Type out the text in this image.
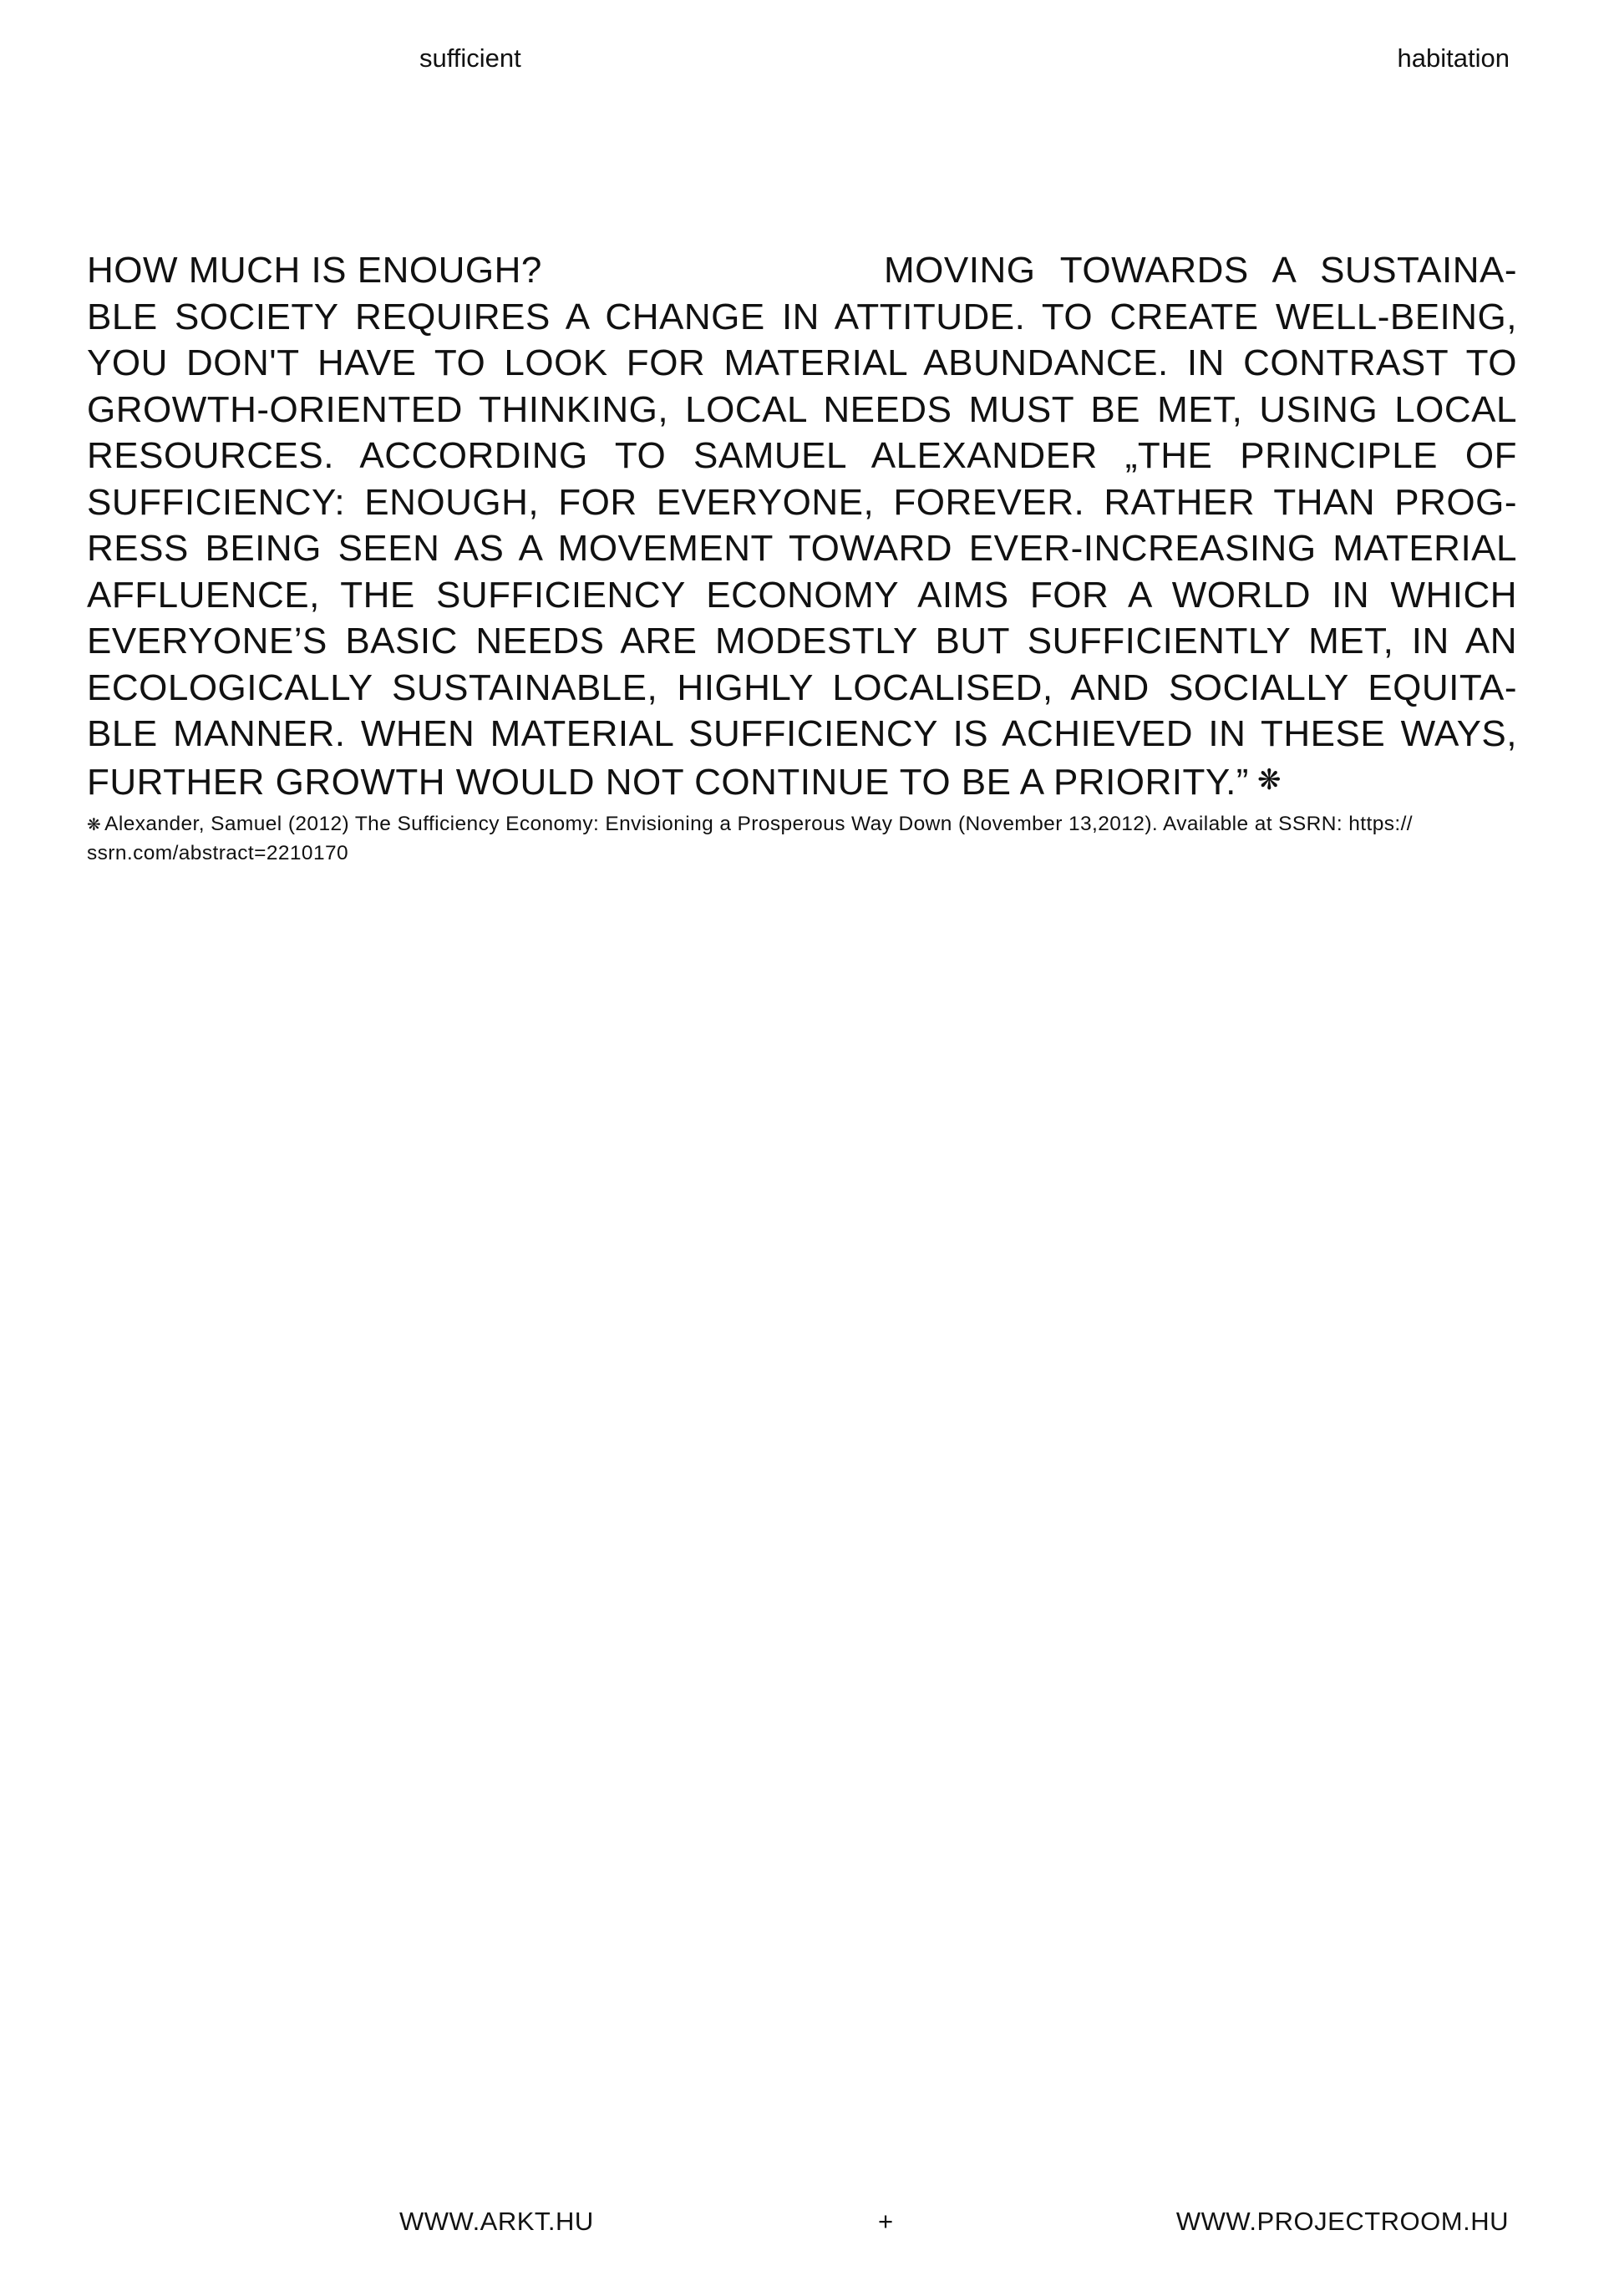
sufficient	habitation
HOW MUCH IS ENOUGH?	MOVING TOWARDS A SUSTAINA-
BLE SOCIETY REQUIRES A CHANGE IN ATTITUDE. TO CREATE WELL-BEING,
YOU DON'T HAVE TO LOOK FOR MATERIAL ABUNDANCE. IN CONTRAST TO
GROWTH-ORIENTED THINKING, LOCAL NEEDS MUST BE MET, USING LOCAL
RESOURCES. ACCORDING TO SAMUEL ALEXANDER „THE PRINCIPLE OF
SUFFICIENCY: ENOUGH, FOR EVERYONE, FOREVER. RATHER THAN PROG-
RESS BEING SEEN AS A MOVEMENT TOWARD EVER-INCREASING MATERIAL
AFFLUENCE, THE SUFFICIENCY ECONOMY AIMS FOR A WORLD IN WHICH
EVERYONE’S BASIC NEEDS ARE MODESTLY BUT SUFFICIENTLY MET, IN AN
ECOLOGICALLY SUSTAINABLE, HIGHLY LOCALISED, AND SOCIALLY EQUITA-
BLE MANNER. WHEN MATERIAL SUFFICIENCY IS ACHIEVED IN THESE WAYS,
FURTHER GROWTH WOULD NOT CONTINUE TO BE A PRIORITY.” ❋
❋ Alexander, Samuel (2012) The Sufficiency Economy: Envisioning a Prosperous Way Down (November 13,2012). Available at SSRN: https://
ssrn.com/abstract=2210170
WWW.ARKT.HU	+	WWW.PROJECTROOM.HU
